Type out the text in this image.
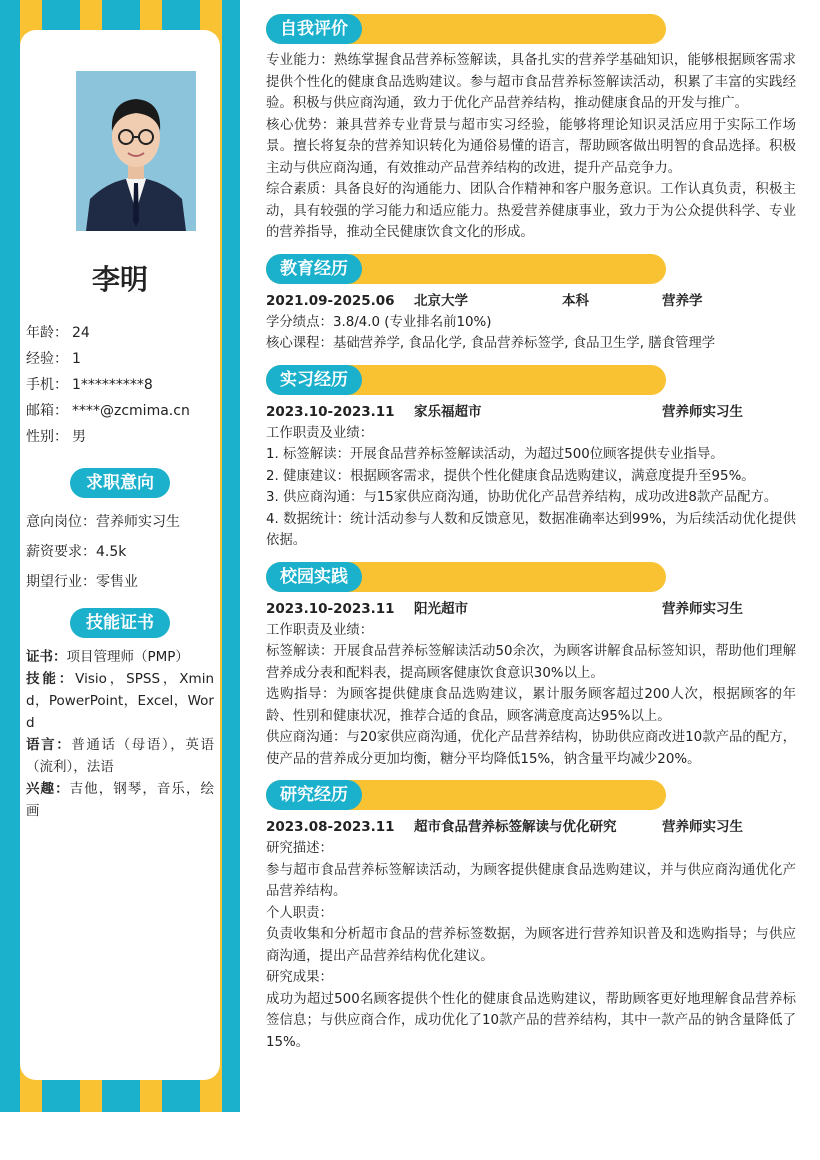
李明
年龄： 24
经验： 1
手机： 1*********8
邮箱： ****@zcmima.cn
性别： 男
求职意向
意向岗位：营养师实习生
薪资要求：4.5k
期望行业：零售业
技能证书
证书：项目管理师（PMP）
技能：Visio，SPSS，Xmind，PowerPoint，Excel，Word
语言：普通话（母语），英语（流利），法语
兴趣：吉他，钢琴，音乐，绘画
自我评价
专业能力：熟练掌握食品营养标签解读，具备扎实的营养学基础知识，能够根据顾客需求提供个性化的健康食品选购建议。参与超市食品营养标签解读活动，积累了丰富的实践经验。积极与供应商沟通，致力于优化产品营养结构，推动健康食品的开发与推广。
核心优势：兼具营养专业背景与超市实习经验，能够将理论知识灵活应用于实际工作场景。擅长将复杂的营养知识转化为通俗易懂的语言，帮助顾客做出明智的食品选择。积极主动与供应商沟通，有效推动产品营养结构的改进，提升产品竞争力。
综合素质：具备良好的沟通能力、团队合作精神和客户服务意识。工作认真负责，积极主动，具有较强的学习能力和适应能力。热爱营养健康事业，致力于为公众提供科学、专业的营养指导，推动全民健康饮食文化的形成。
教育经历
2021.09-2025.06	北京大学	本科	营养学
学分绩点：3.8/4.0 (专业排名前10%)
核心课程：基础营养学, 食品化学, 食品营养标签学, 食品卫生学, 膳食管理学
实习经历
2023.10-2023.11	家乐福超市	营养师实习生
工作职责及业绩：
1. 标签解读：开展食品营养标签解读活动，为超过500位顾客提供专业指导。
2. 健康建议：根据顾客需求，提供个性化健康食品选购建议，满意度提升至95%。
3. 供应商沟通：与15家供应商沟通，协助优化产品营养结构，成功改进8款产品配方。
4. 数据统计：统计活动参与人数和反馈意见，数据准确率达到99%，为后续活动优化提供依据。
校园实践
2023.10-2023.11	阳光超市	营养师实习生
工作职责及业绩：
标签解读：开展食品营养标签解读活动50余次，为顾客讲解食品标签知识，帮助他们理解营养成分表和配料表，提高顾客健康饮食意识30%以上。
选购指导：为顾客提供健康食品选购建议，累计服务顾客超过200人次，根据顾客的年龄、性别和健康状况，推荐合适的食品，顾客满意度高达95%以上。
供应商沟通：与20家供应商沟通，优化产品营养结构，协助供应商改进10款产品的配方，使产品的营养成分更加均衡，糖分平均降低15%，钠含量平均减少20%。
研究经历
2023.08-2023.11	超市食品营养标签解读与优化研究	营养师实习生
研究描述：
参与超市食品营养标签解读活动，为顾客提供健康食品选购建议，并与供应商沟通优化产品营养结构。
个人职责：
负责收集和分析超市食品的营养标签数据，为顾客进行营养知识普及和选购指导；与供应商沟通，提出产品营养结构优化建议。
研究成果：
成功为超过500名顾客提供个性化的健康食品选购建议，帮助顾客更好地理解食品营养标签信息；与供应商合作，成功优化了10款产品的营养结构，其中一款产品的钠含量降低了15%。
